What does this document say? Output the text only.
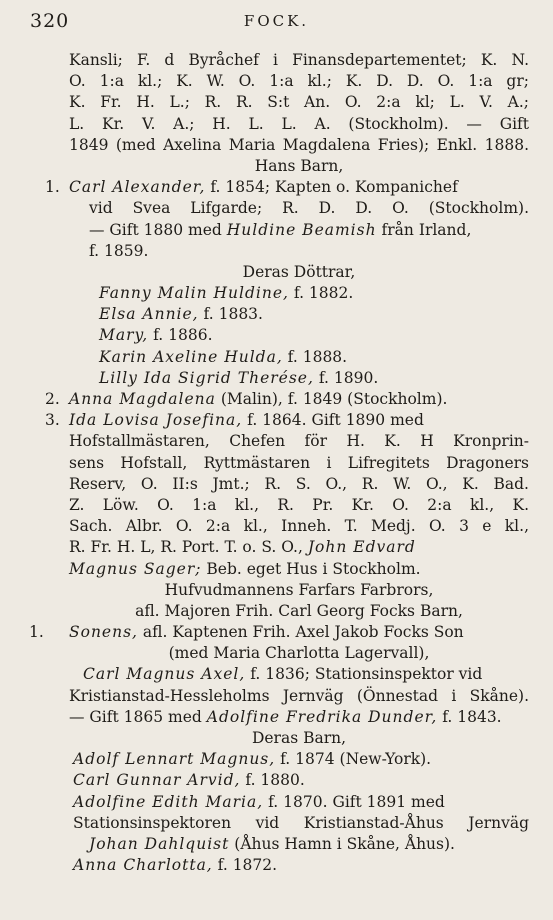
320	FOCK.
Kansli; F. d Byråchef i Finansdepartementet; K. N.
O. 1:a kl.; K. W. O. 1:a kl.; K. D. D. O. 1:a gr;
K. Fr. H. L.; R. R. S:t An. O. 2:a kl; L. V. A.;
L. Kr. V. A.; H. L. L. A. (Stockholm). — Gift
1849 (med Axelina Maria Magdalena Fries); Enkl. 1888.
Hans Barn,
1. Carl Alexander, f. 1854; Kapten o. Kompanichef
vid Svea Lifgarde; R. D. D. O. (Stockholm).
— Gift 1880 med Huldine Beamish från Irland,
f. 1859.
Deras Döttrar,
Fanny Malin Huldine, f. 1882.
Elsa Annie, f. 1883.
Mary, f. 1886.
Karin Axeline Hulda, f. 1888.
Lilly Ida Sigrid Therése, f. 1890.
2. Anna Magdalena (Malin), f. 1849 (Stockholm).
3. Ida Lovisa Josefina, f. 1864. Gift 1890 med
Hofstallmästaren, Chefen för H. K. H Kronprin-
sens Hofstall, Ryttmästaren i Lifregitets Dragoners
Reserv, O. II:s Jmt.; R. S. O., R. W. O., K. Bad.
Z. Löw. O. 1:a kl., R. Pr. Kr. O. 2:a kl., K.
Sach. Albr. O. 2:a kl., Inneh. T. Medj. O. 3 e kl.,
R. Fr. H. L, R. Port. T. o. S. O., John Edvard
Magnus Sager; Beb. eget Hus i Stockholm.
Hufvudmannens Farfars Farbrors,
afl. Majoren Frih. Carl Georg Focks Barn,
1. Sonens, afl. Kaptenen Frih. Axel Jakob Focks Son
(med Maria Charlotta Lagervall),
Carl Magnus Axel, f. 1836; Stationsinspektor vid
Kristianstad-Hessleholms Jernväg (Önnestad i Skåne).
— Gift 1865 med Adolfine Fredrika Dunder, f. 1843.
Deras Barn,
Adolf Lennart Magnus, f. 1874 (New-York).
Carl Gunnar Arvid, f. 1880.
Adolfine Edith Maria, f. 1870. Gift 1891 med
Stationsinspektoren vid Kristianstad-Åhus Jernväg
Johan Dahlquist (Åhus Hamn i Skåne, Åhus).
Anna Charlotta, f. 1872.
